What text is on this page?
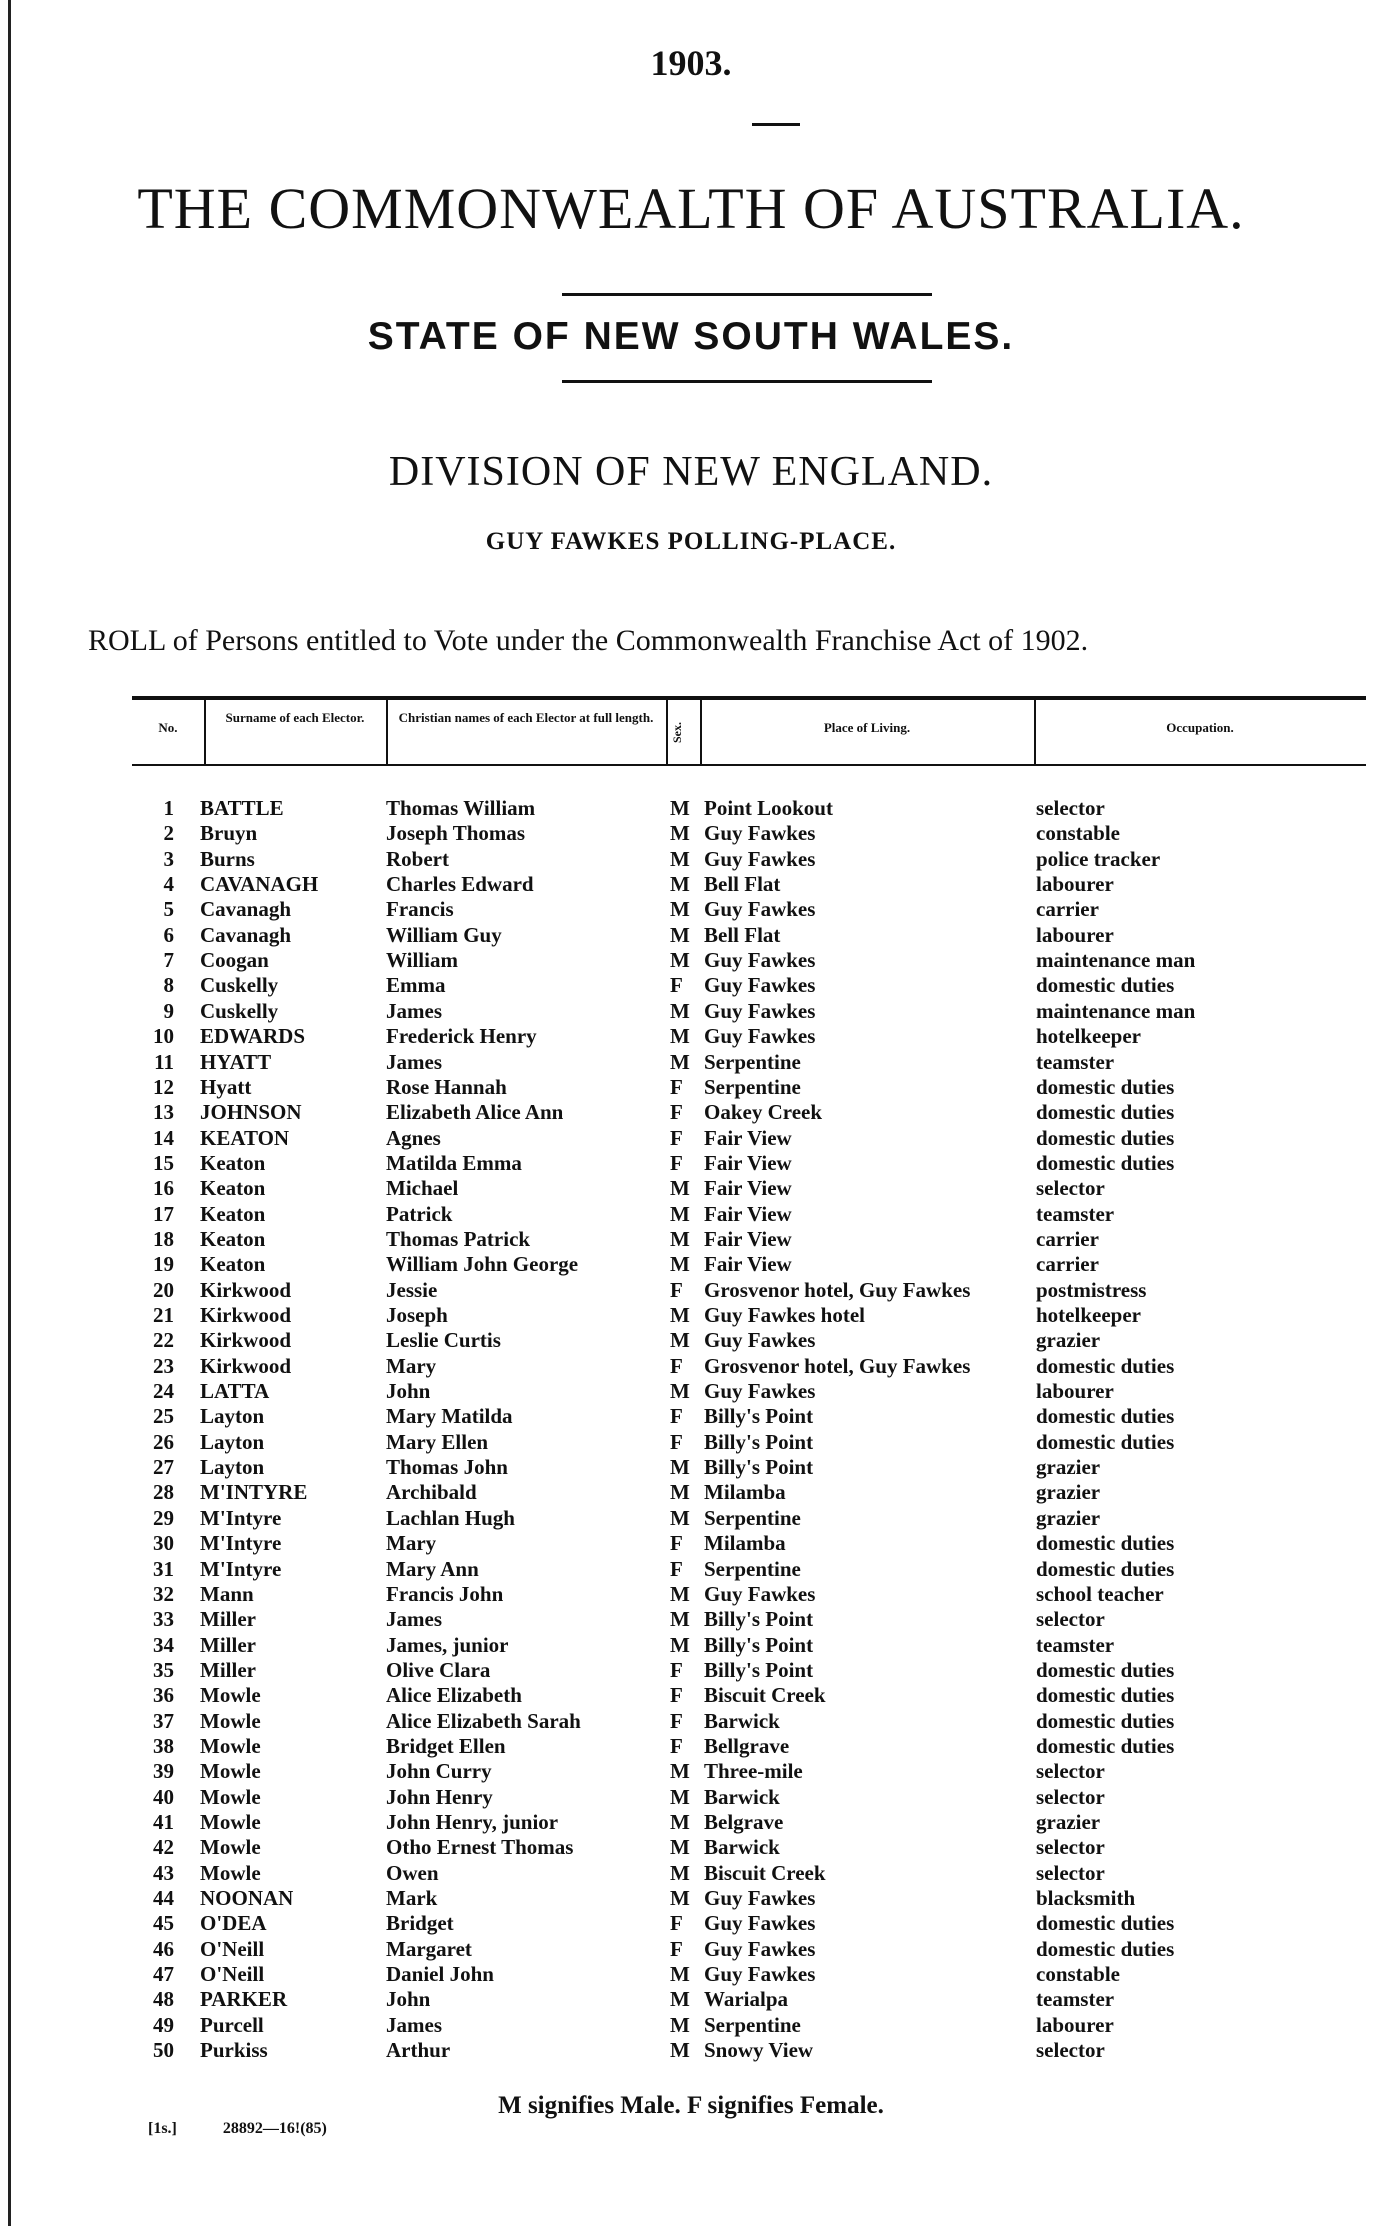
1903.
THE COMMONWEALTH OF AUSTRALIA.
STATE OF NEW SOUTH WALES.
DIVISION OF NEW ENGLAND.
GUY FAWKES POLLING-PLACE.
ROLL of Persons entitled to Vote under the Commonwealth Franchise Act of 1902.
No.
Surname of each Elector.	Christian names of each Elector at full length.
Sex.	Place of Living.	Occupation.
1 BATTLE	Thomas William	M Point Lookout	selector
2 Bruyn	Joseph Thomas	M Guy Fawkes	constable
3 Burns	Robert	M Guy Fawkes	police tracker
4 CAVANAGH	Charles Edward	M Bell Flat	labourer
5 Cavanagh	Francis	M Guy Fawkes	carrier
6 Cavanagh	William Guy	M Bell Flat	labourer
7 Coogan	William	M Guy Fawkes	maintenance man
8 Cuskelly	Emma	F Guy Fawkes	domestic duties
9 Cuskelly	James	M Guy Fawkes	maintenance man
10 EDWARDS	Frederick Henry	M Guy Fawkes	hotelkeeper
11 HYATT	James	M Serpentine	teamster
12 Hyatt	Rose Hannah	F Serpentine	domestic duties
13 JOHNSON	Elizabeth Alice Ann	F Oakey Creek	domestic duties
14 KEATON	Agnes	F Fair View	domestic duties
15 Keaton	Matilda Emma	F Fair View	domestic duties
16 Keaton	Michael	M Fair View	selector
17 Keaton	Patrick	M Fair View	teamster
18 Keaton	Thomas Patrick	M Fair View	carrier
19 Keaton	William John George	M Fair View	carrier
20 Kirkwood	Jessie	F Grosvenor hotel, Guy Fawkes	postmistress
21 Kirkwood	Joseph	M Guy Fawkes hotel	hotelkeeper
22 Kirkwood	Leslie Curtis	M Guy Fawkes	grazier
23 Kirkwood	Mary	F Grosvenor hotel, Guy Fawkes	domestic duties
24 LATTA	John	M Guy Fawkes	labourer
25 Layton	Mary Matilda	F Billy's Point	domestic duties
26 Layton	Mary Ellen	F Billy's Point	domestic duties
27 Layton	Thomas John	M Billy's Point	grazier
28 M'INTYRE	Archibald	M Milamba	grazier
29 M'Intyre	Lachlan Hugh	M Serpentine	grazier
30 M'Intyre	Mary	F Milamba	domestic duties
31 M'Intyre	Mary Ann	F Serpentine	domestic duties
32 Mann	Francis John	M Guy Fawkes	school teacher
33 Miller	James	M Billy's Point	selector
34 Miller	James, junior	M Billy's Point	teamster
35 Miller	Olive Clara	F Billy's Point	domestic duties
36 Mowle	Alice Elizabeth	F Biscuit Creek	domestic duties
37 Mowle	Alice Elizabeth Sarah	F Barwick	domestic duties
38 Mowle	Bridget Ellen	F Bellgrave	domestic duties
39 Mowle	John Curry	M Three-mile	selector
40 Mowle	John Henry	M Barwick	selector
41 Mowle	John Henry, junior	M Belgrave	grazier
42 Mowle	Otho Ernest Thomas	M Barwick	selector
43 Mowle	Owen	M Biscuit Creek	selector
44 NOONAN	Mark	M Guy Fawkes	blacksmith
45 O'DEA	Bridget	F Guy Fawkes	domestic duties
46 O'Neill	Margaret	F Guy Fawkes	domestic duties
47 O'Neill	Daniel John	M Guy Fawkes	constable
48 PARKER	John	M Warialpa	teamster
49 Purcell	James	M Serpentine	labourer
50 Purkiss	Arthur	M Snowy View	selector
M signifies Male. F signifies Female.
[1s.]	28892—16!(85)
